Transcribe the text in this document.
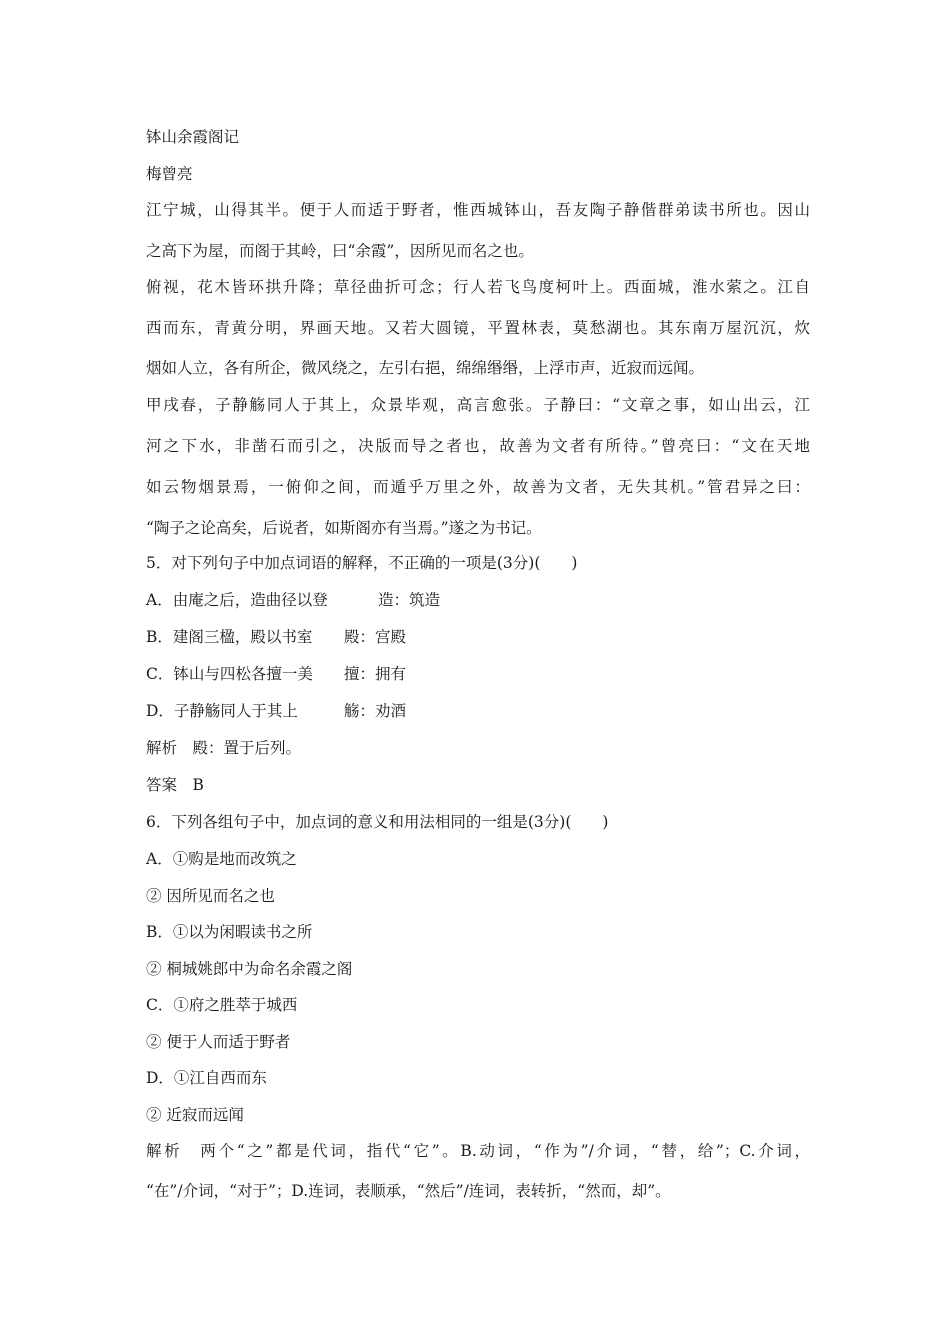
钵山余霞阁记
梅曾亮
江宁城，山得其半。便于人而适于野者，惟西城钵山，吾友陶子静偕群弟读书所也。因山
之高下为屋，而阁于其岭，曰“余霞”，因所见而名之也。
俯视，花木皆环拱升降；草径曲折可念；行人若飞鸟度柯叶上。西面城，淮水萦之。江自
西而东，青黄分明，界画天地。又若大圆镜，平置林表，莫愁湖也。其东南万屋沉沉，炊
烟如人立，各有所企，微风绕之，左引右挹，绵绵缗缗，上浮市声，近寂而远闻。
甲戌春，子静觞同人于其上，众景毕观，高言愈张。子静曰：“文章之事，如山出云，江
河之下水，非凿石而引之，决版而导之者也，故善为文者有所待。”曾亮曰：“文在天地
如云物烟景焉，一俯仰之间，而遁乎万里之外，故善为文者，无失其机。”管君异之曰：
“陶子之论高矣，后说者，如斯阁亦有当焉。”遂之为书记。
5．对下列句子中加点词语的解释，不正确的一项是(3分)(　　)
A．由庵之后，造曲径以登	造：筑造
B．建阁三楹，殿以书室 殿：宫殿
C．钵山与四松各擅一美 擅：拥有
D．子静觞同人于其上	觞：劝酒
解析　殿：置于后列。
答案　B
6．下列各组句子中，加点词的意义和用法相同的一组是(3分)(　　)
A．①购是地而改筑之
② 因所见而名之也
B．①以为闲暇读书之所
② 桐城姚郎中为命名余霞之阁
C．①府之胜萃于城西
② 便于人而适于野者
D．①江自西而东
② 近寂而远闻
解析　两个“之”都是代词，指代“它”。B.动词，“作为”/介词，“替，给”；C.介词，
“在”/介词，“对于”；D.连词，表顺承，“然后”/连词，表转折，“然而，却”。
